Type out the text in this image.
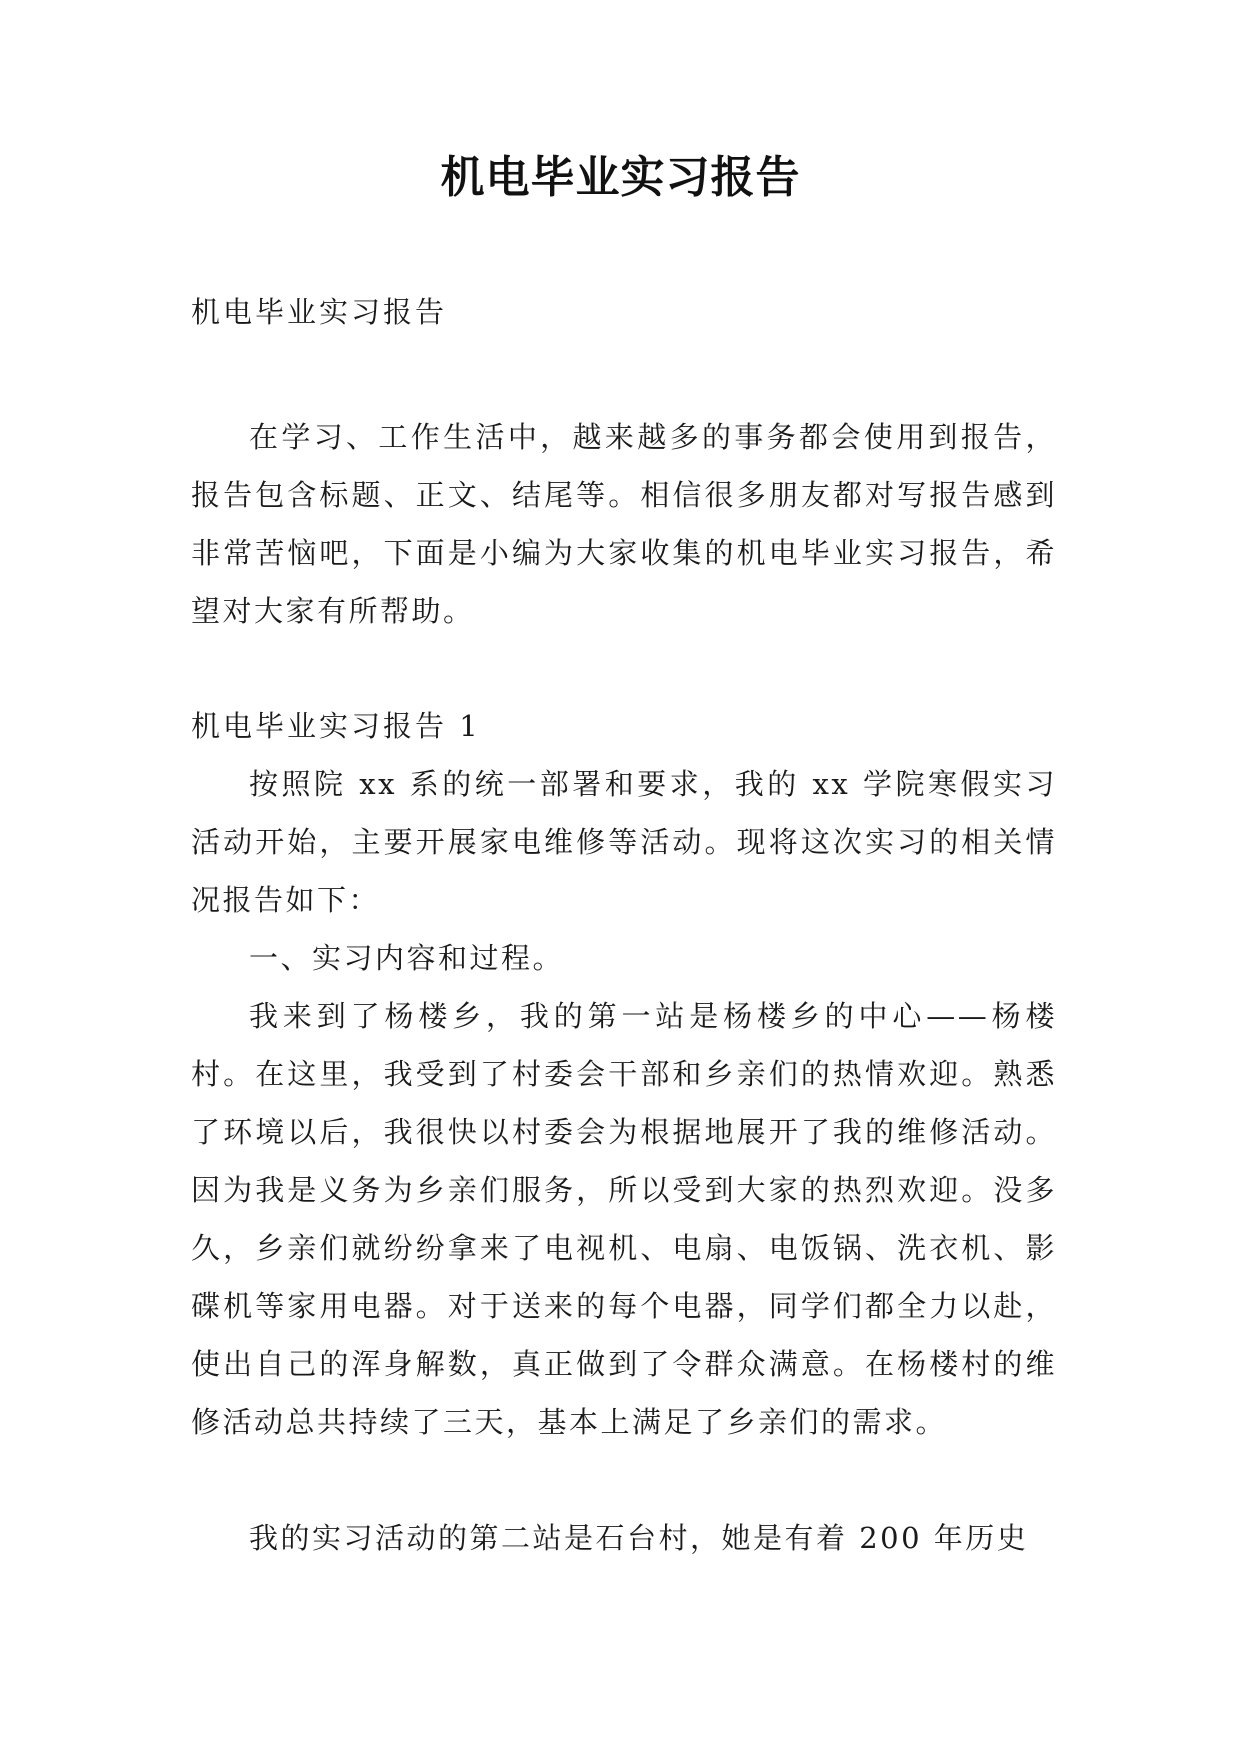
机电毕业实习报告
机电毕业实习报告

在学习、工作生活中，越来越多的事务都会使用到报告，报告包含标题、正文、结尾等。相信很多朋友都对写报告感到非常苦恼吧，下面是小编为大家收集的机电毕业实习报告，希望对大家有所帮助。

机电毕业实习报告 1

按照院 xx 系的统一部署和要求，我的 xx 学院寒假实习活动开始，主要开展家电维修等活动。现将这次实习的相关情况报告如下：

一、实习内容和过程。

我来到了杨楼乡，我的第一站是杨楼乡的中心——杨楼村。在这里，我受到了村委会干部和乡亲们的热情欢迎。熟悉了环境以后，我很快以村委会为根据地展开了我的维修活动。因为我是义务为乡亲们服务，所以受到大家的热烈欢迎。没多久，乡亲们就纷纷拿来了电视机、电扇、电饭锅、洗衣机、影碟机等家用电器。对于送来的每个电器，同学们都全力以赴，使出自己的浑身解数，真正做到了令群众满意。在杨楼村的维修活动总共持续了三天，基本上满足了乡亲们的需求。

我的实习活动的第二站是石台村，她是有着 200 年历史
